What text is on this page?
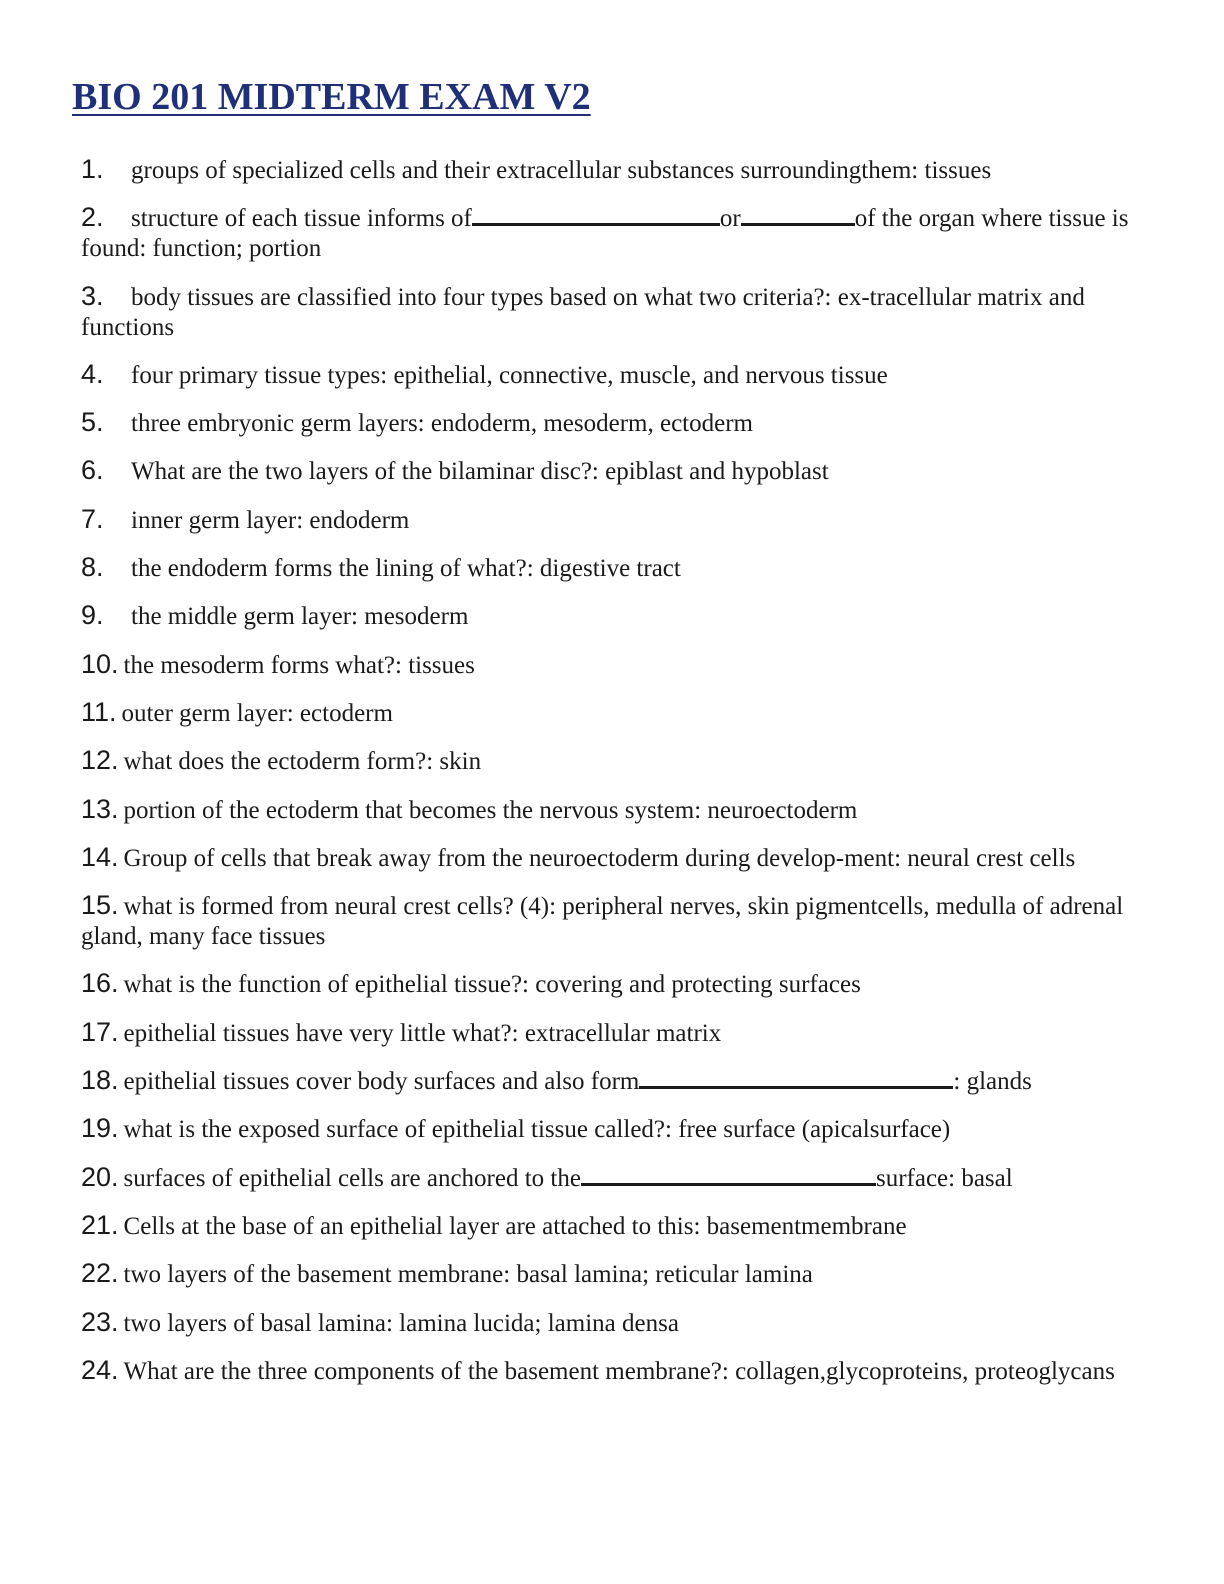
BIO 201 MIDTERM EXAM V2
1. groups of specialized cells and their extracellular substances surroundingthem: tissues
2. structure of each tissue informs of	or	of the organ where tissue is found: function; portion
3. body tissues are classified into four types based on what two criteria?: ex-tracellular matrix and functions
4. four primary tissue types: epithelial, connective, muscle, and nervous tissue
5. three embryonic germ layers: endoderm, mesoderm, ectoderm
6. What are the two layers of the bilaminar disc?: epiblast and hypoblast
7. inner germ layer: endoderm
8. the endoderm forms the lining of what?: digestive tract
9. the middle germ layer: mesoderm
10. the mesoderm forms what?: tissues
11. outer germ layer: ectoderm
12. what does the ectoderm form?: skin
13. portion of the ectoderm that becomes the nervous system: neuroectoderm
14. Group of cells that break away from the neuroectoderm during develop-ment: neural crest cells
15. what is formed from neural crest cells? (4): peripheral nerves, skin pigmentcells, medulla of adrenal gland, many face tissues
16. what is the function of epithelial tissue?: covering and protecting surfaces
17. epithelial tissues have very little what?: extracellular matrix
18. epithelial tissues cover body surfaces and also form	: glands
19. what is the exposed surface of epithelial tissue called?: free surface (apicalsurface)
20. surfaces of epithelial cells are anchored to the	surface: basal
21. Cells at the base of an epithelial layer are attached to this: basementmembrane
22. two layers of the basement membrane: basal lamina; reticular lamina
23. two layers of basal lamina: lamina lucida; lamina densa
24. What are the three components of the basement membrane?: collagen,glycoproteins, proteoglycans
